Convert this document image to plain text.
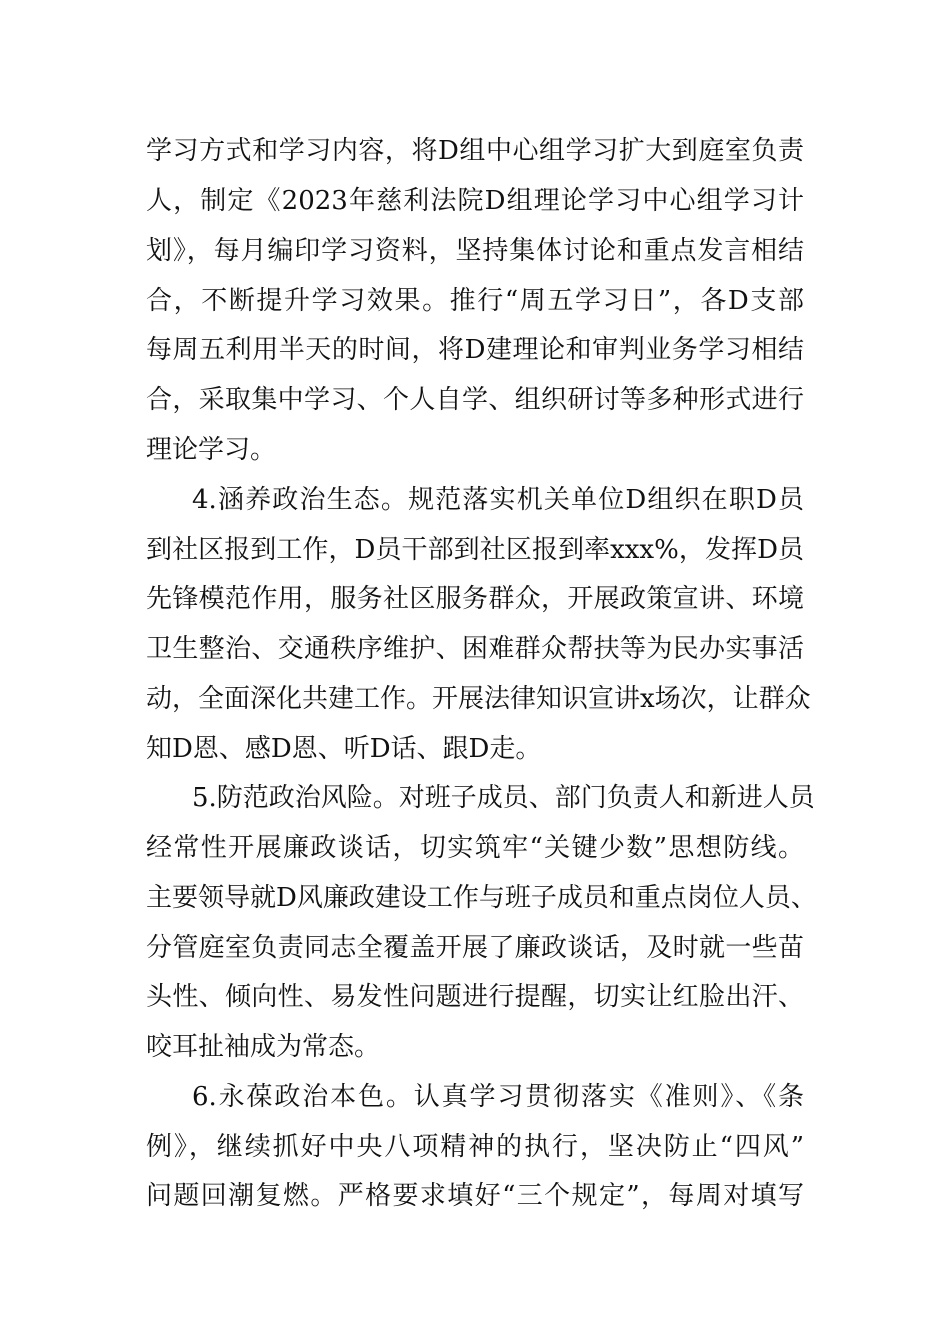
学习方式和学习内容，将D组中心组学习扩大到庭室负责
人，制定《2023年慈利法院D组理论学习中心组学习计
划》，每月编印学习资料，坚持集体讨论和重点发言相结
合，不断提升学习效果。推行“周五学习日”，各D支部
每周五利用半天的时间，将D建理论和审判业务学习相结
合，采取集中学习、个人自学、组织研讨等多种形式进行
理论学习。
4.涵养政治生态。规范落实机关单位D组织在职D员
到社区报到工作，D员干部到社区报到率xxx%，发挥D员
先锋模范作用，服务社区服务群众，开展政策宣讲、环境
卫生整治、交通秩序维护、困难群众帮扶等为民办实事活
动，全面深化共建工作。开展法律知识宣讲x场次，让群众
知D恩、感D恩、听D话、跟D走。
5.防范政治风险。对班子成员、部门负责人和新进人员
经常性开展廉政谈话，切实筑牢“关键少数”思想防线。
主要领导就D风廉政建设工作与班子成员和重点岗位人员、
分管庭室负责同志全覆盖开展了廉政谈话，及时就一些苗
头性、倾向性、易发性问题进行提醒，切实让红脸出汗、
咬耳扯袖成为常态。
6.永葆政治本色。认真学习贯彻落实《准则》、《条
例》，继续抓好中央八项精神的执行，坚决防止“四风”
问题回潮复燃。严格要求填好“三个规定”，每周对填写
